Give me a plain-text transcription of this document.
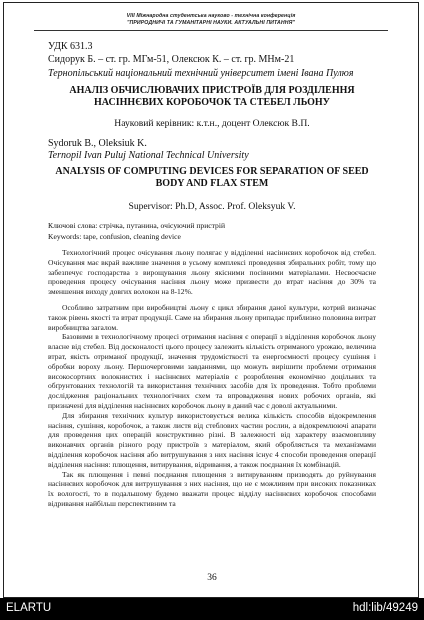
VIII Міжнародна студентська науково - технічна конференція
"ПРИРОДНИЧІ ТА ГУМАНІТАРНІ НАУКИ. АКТУАЛЬНІ ПИТАННЯ"
УДК 631.3
Сидорук Б. – ст. гр. МГм-51, Олексюк К. – ст. гр. МНм-21
Тернопільський національний технічний університет імені Івана Пулюя
АНАЛІЗ ОБЧИСЛЮВАЧИХ ПРИСТРОЇВ ДЛЯ РОЗДІЛЕННЯ НАСІННЄВИХ КОРОБОЧОК ТА СТЕБЕЛ ЛЬОНУ
Науковий керівник: к.т.н., доцент Олексюк В.П.
Sydoruk B., Oleksiuk K.
Ternopil Ivan Puluj National Technical University
ANALYSIS OF COMPUTING DEVICES FOR SEPARATION OF SEED BODY AND FLAX STEM
Supervisor: Ph.D, Assoc. Prof. Oleksyuk V.
Ключові слова: стрічка, путанина, очісуючий пристрій
Keywords: tape, confusion, cleaning device

Технологічний процес очісування льону полягає у відділенні насіннєвих коробочок від стебел. Очісування має вкрай важливе значення в усьому комплексі проведення збиральних робіт, тому що забезпечує господарства з вирощування льону якісними посівними матеріалами. Несвоєчасне проведення процесу очісування насіння льону може призвести до втрат насіння до 30% та зменшення виходу довгих волокон на 8-12%.

Особливо затратним при виробництві льону є цикл збирання даної культури, котрий визначає також рівень якості та втрат продукції. Саме на збирання льону припадає приблизно половина витрат виробництва загалом.

Базовими в технологічному процесі отримання насіння є операції з відділення коробочок льону власне від стебел. Від досконалості цього процесу залежить кількість отриманого урожаю, величина втрат, якість отриманої продукції, значення трудомісткості та енергоємності процесу сушіння і обробки вороху льону. Першочерговими завданнями, що можуть вирішити проблеми отримання високосортних волокнистих і насіннєвих матеріалів є розроблення економічно доцільних та обґрунтованих технологій та використання технічних засобів для їх проведення. Тобто проблеми дослідження раціональних технологічних схем та впровадження нових робочих органів, які призначені для відділення насіннєвих коробочок льону в даний час є доволі актуальними.

Для збирання технічних культур використовується велика кількість способів відокремлення насіння, сушіння, коробочок, а також листя від стеблових частин рослин, а відокремлюючі апарати для проведення цих операцій конструктивно різні. В залежності від характеру взаємовпливу виконавчих органів різного роду пристроїв з матеріалом, який обробляється та механізмами відділення коробочок насіння або витрушування з них насіння існує 4 способи проведення операції відділення насіння: плющення, витирування, відривання, а також поєднання їх комбінацій.

Так як плющення і певні поєднання плющення з витируванням призводять до руйнування насіннєвих коробочок для витрушування з них насіння, що не є можливим при високих показниках їх вологості, то в подальшому будемо вважати процес відділу насіннєвих коробочок способами відривання найбільш перспективним та

36
ELARTU	hdl:lib/49249
